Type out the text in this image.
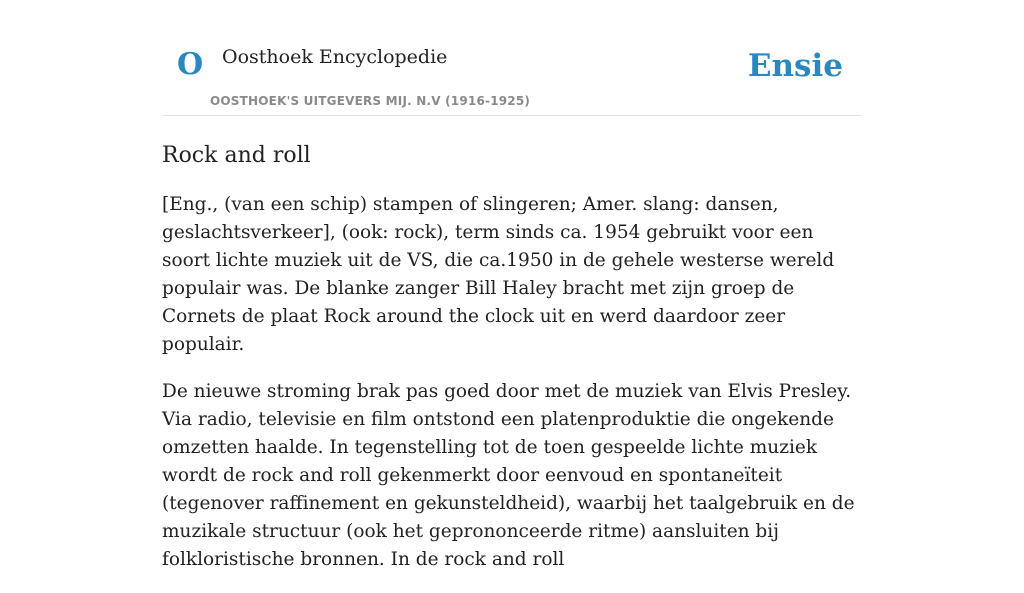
O Oosthoek Encyclopedie
OOSTHOEK'S UITGEVERS MIJ. N.V (1916-1925)
Ensie
Rock and roll

[Eng., (van een schip) stampen of slingeren; Amer. slang: dansen, geslachtsverkeer], (ook: rock), term sinds ca. 1954 gebruikt voor een soort lichte muziek uit de VS, die ca.1950 in de gehele westerse wereld populair was. De blanke zanger Bill Haley bracht met zijn groep de Cornets de plaat Rock around the clock uit en werd daardoor zeer populair.

De nieuwe stroming brak pas goed door met de muziek van Elvis Presley. Via radio, televisie en film ontstond een platenproduktie die ongekende omzetten haalde. In tegenstelling tot de toen gespeelde lichte muziek wordt de rock and roll gekenmerkt door eenvoud en spontaneïteit (tegenover raffinement en gekunsteldheid), waarbij het taalgebruik en de muzikale structuur (ook het geprononceerde ritme) aansluiten bij folkloristische bronnen. In de rock and roll
